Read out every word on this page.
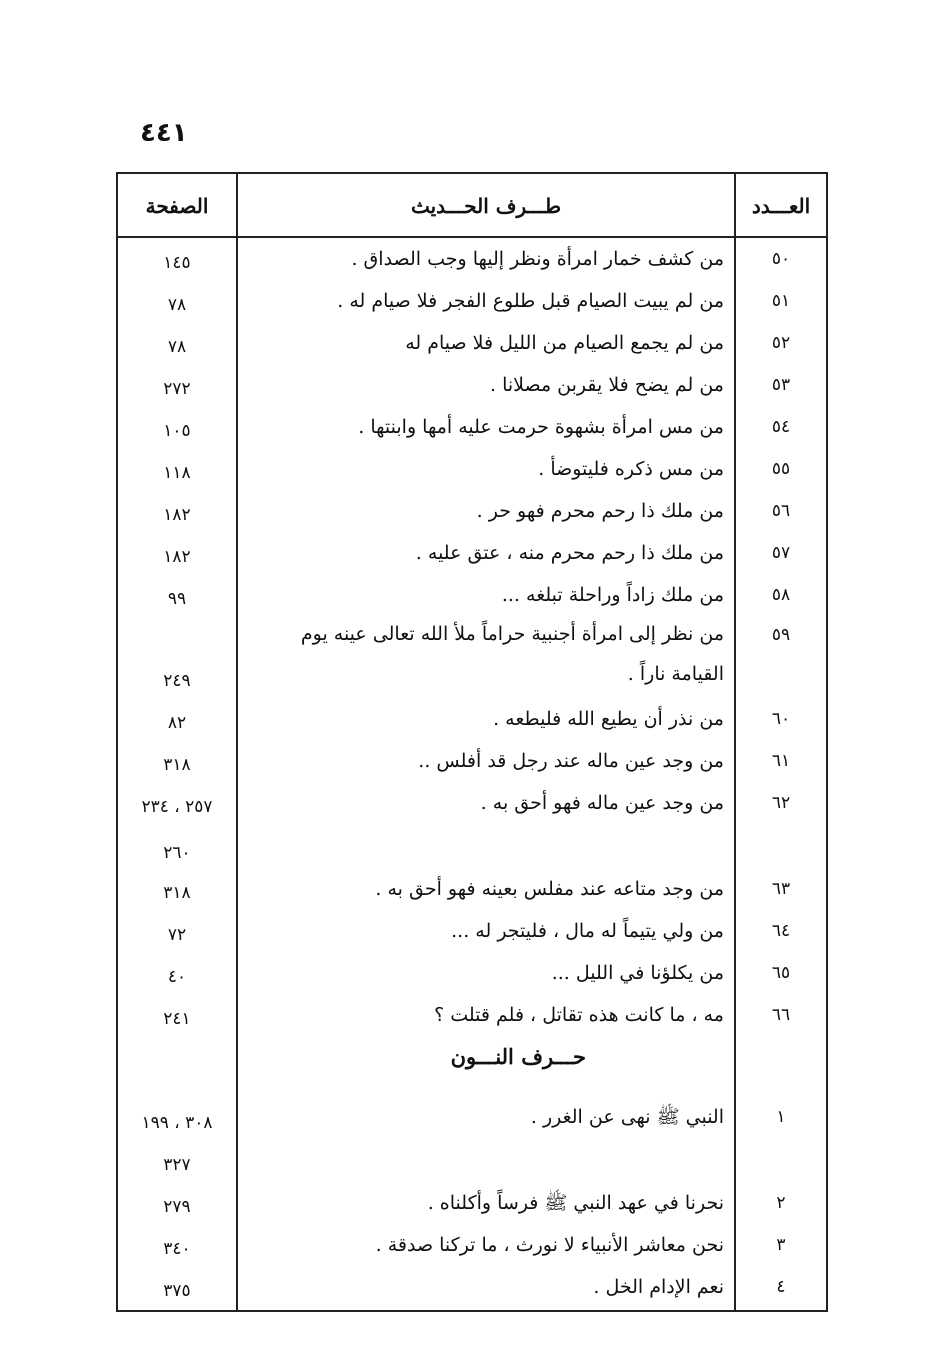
٤٤١
العـــدد
طـــرف الحـــديث
الصفحة
٥٠
من كشف خمار امرأة ونظر إليها وجب الصداق .
١٤٥
٥١
من لم يبيت الصيام قبل طلوع الفجر فلا صيام له .
٧٨
٥٢
من لم يجمع الصيام من الليل فلا صيام له
٧٨
٥٣
من لم يضح فلا يقربن مصلانا .
٢٧٢
٥٤
من مس امرأة بشهوة حرمت عليه أمها وابنتها .
١٠٥
٥٥
من مس ذكره فليتوضأ .
١١٨
٥٦
من ملك ذا رحم محرم فهو حر .
١٨٢
٥٧
من ملك ذا رحم محرم منه ، عتق عليه .
١٨٢
٥٨
من ملك زاداً وراحلة تبلغه ...
٩٩
٥٩
من نظر إلى امرأة أجنبية حراماً ملأ الله تعالى عينه يوم القيامة ناراً .
٢٤٩
٦٠
من نذر أن يطيع الله فليطعه .
٨٢
٦١
من وجد عين ماله عند رجل قد أفلس ..
٣١٨
٦٢
من وجد عين ماله فهو أحق به .
٢٥٧ ، ٢٣٤
٢٦٠
٦٣
من وجد متاعه عند مفلس بعينه فهو أحق به .
٣١٨
٦٤
من ولي يتيماً له مال ، فليتجر له ...
٧٢
٦٥
من يكلؤنا في الليل ...
٤٠
٦٦
مه ، ما كانت هذه تقاتل ، فلم قتلت ؟
٢٤١
حـــرف النـــون
١
النبي ﷺ نهى عن الغرر .
٣٠٨ ، ١٩٩
٣٢٧
٢
نحرنا في عهد النبي ﷺ فرساً وأكلناه .
٢٧٩
٣
نحن معاشر الأنبياء لا نورث ، ما تركنا صدقة .
٣٤٠
٤
نعم الإدام الخل .
٣٧٥
